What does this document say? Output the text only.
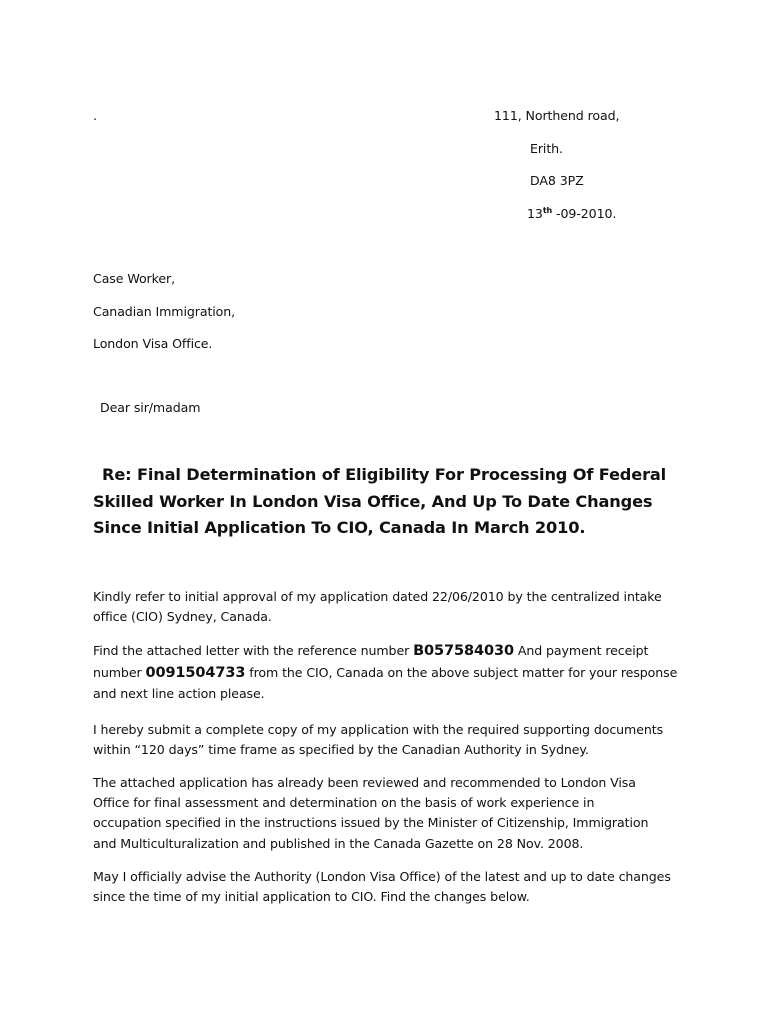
.	111, Northend road,
Erith.
DA8 3PZ
13th -09-2010.
Case Worker,
Canadian Immigration,
London Visa Office.
Dear sir/madam
Re: Final Determination of Eligibility For Processing Of Federal
Skilled Worker In London Visa Office, And Up To Date Changes
Since Initial Application To CIO, Canada In March 2010.
Kindly refer to initial approval of my application dated 22/06/2010 by the centralized intake
office (CIO) Sydney, Canada.
Find the attached letter with the reference number B057584030 And payment receipt
number 0091504733 from the CIO, Canada on the above subject matter for your response
and next line action please.
I hereby submit a complete copy of my application with the required supporting documents
within “120 days” time frame as specified by the Canadian Authority in Sydney.
The attached application has already been reviewed and recommended to London Visa
Office for final assessment and determination on the basis of work experience in
occupation specified in the instructions issued by the Minister of Citizenship, Immigration
and Multiculturalization and published in the Canada Gazette on 28 Nov. 2008.
May I officially advise the Authority (London Visa Office) of the latest and up to date changes
since the time of my initial application to CIO. Find the changes below.
